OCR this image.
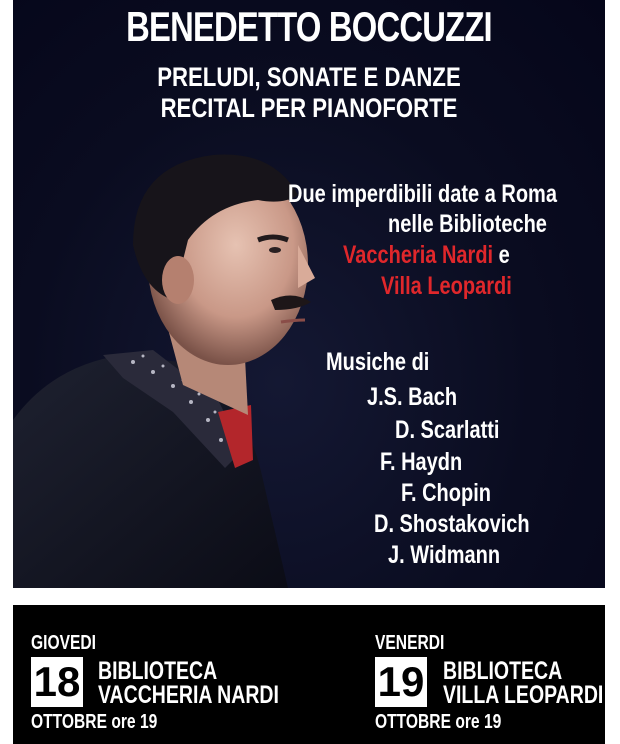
BENEDETTO BOCCUZZI
PRELUDI, SONATE E DANZE
RECITAL PER PIANOFORTE
Due imperdibili date a Roma
nelle Biblioteche
Vaccheria Nardi e
Villa Leopardi
Musiche di
J.S. Bach
D. Scarlatti
F. Haydn
F. Chopin
D. Shostakovich
J. Widmann
GIOVEDI
18 BIBLIOTECA
VACCHERIA NARDI
OTTOBRE ore 19
VENERDI
19 BIBLIOTECA
VILLA LEOPARDI
OTTOBRE ore 19
